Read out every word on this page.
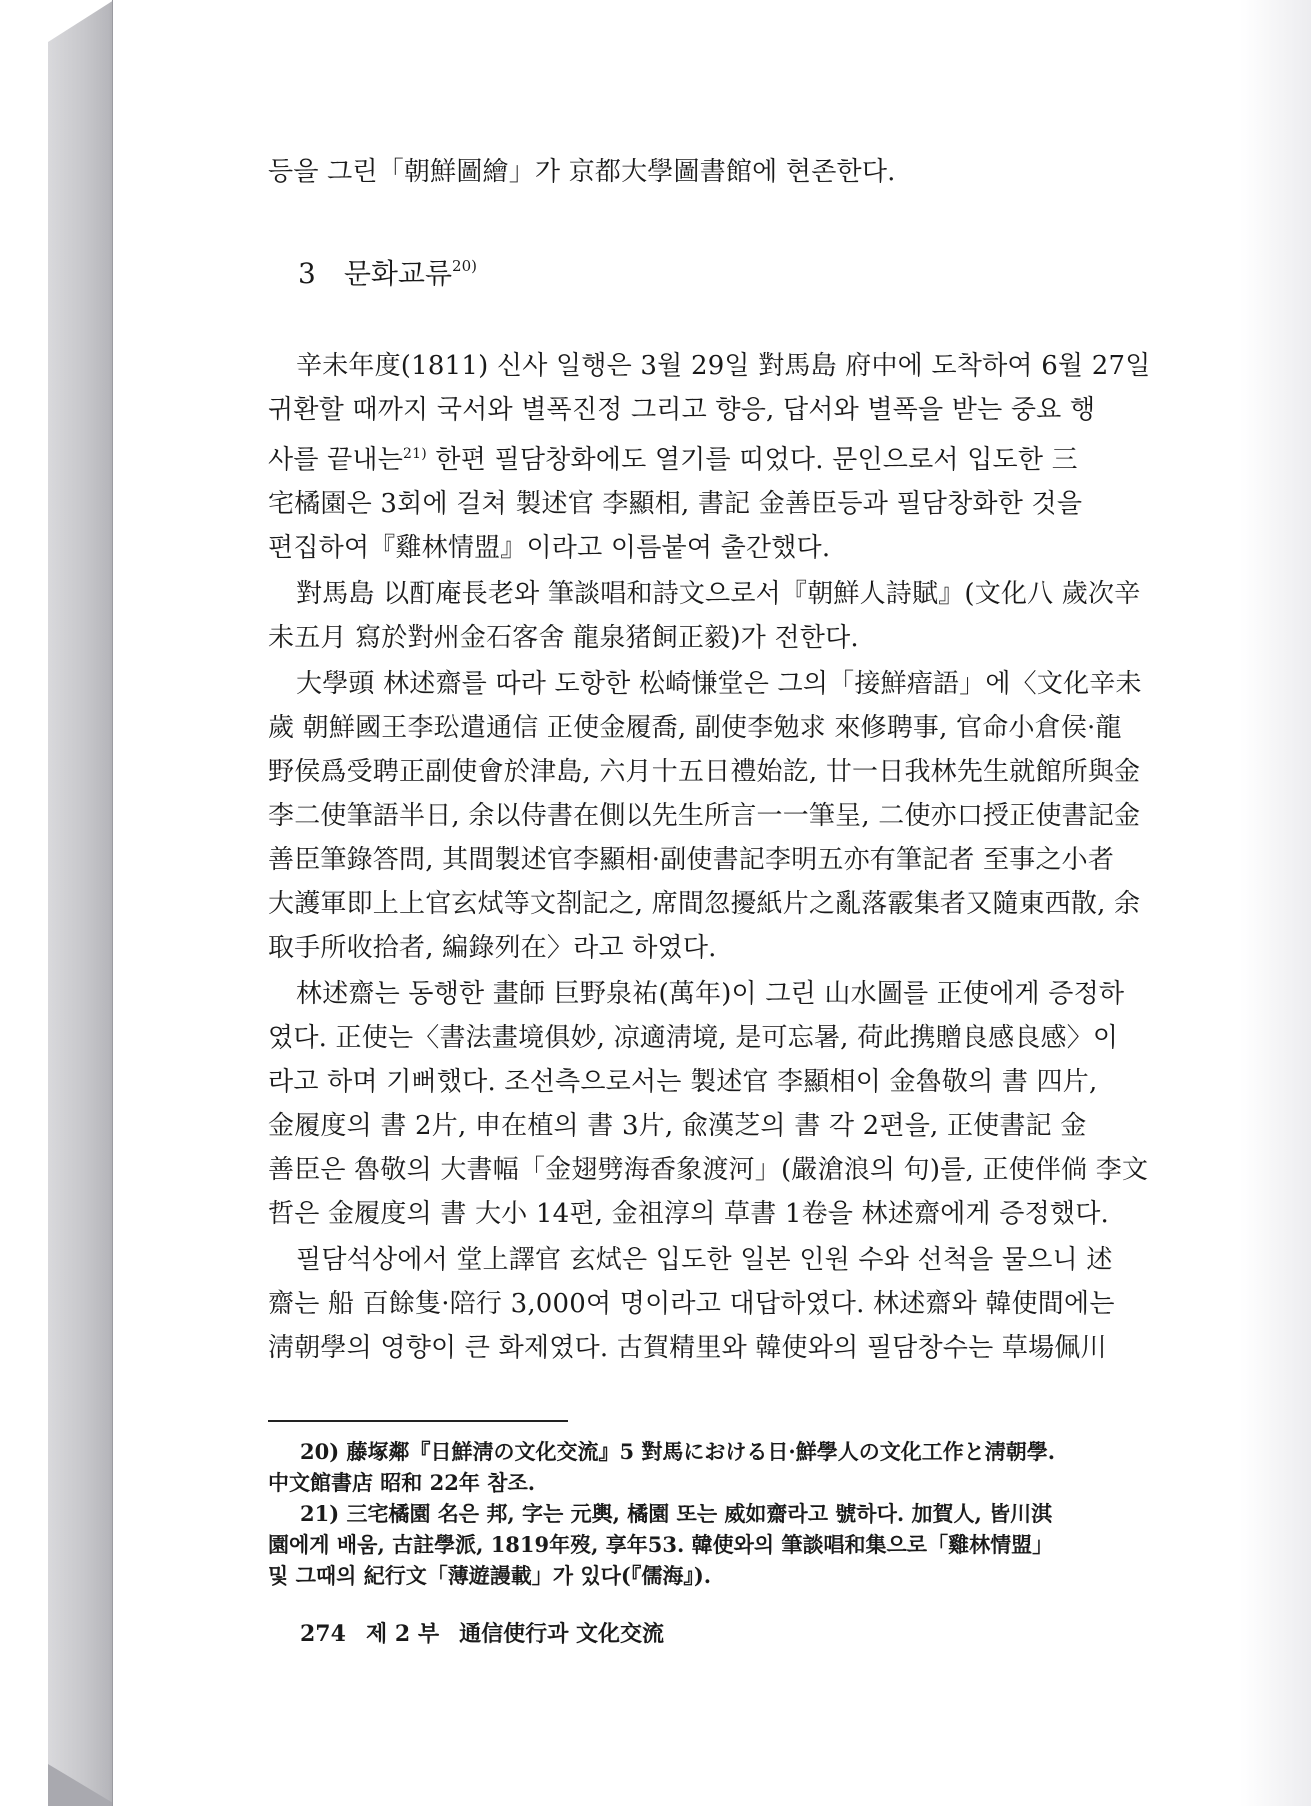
등을 그린「朝鮮圖繪」가 京都大學圖書館에 현존한다.
3 문화교류$^{20)}$
辛未年度(1811) 신사 일행은 3월 29일 對馬島 府中에 도착하여 6월 27일
귀환할 때까지 국서와 별폭진정 그리고 향응, 답서와 별폭을 받는 중요 행
사를 끝내는$^{21)}$ 한편 필담창화에도 열기를 띠었다. 문인으로서 입도한 三
宅橘園은 3회에 걸쳐 製述官 李顯相, 書記 金善臣등과 필담창화한 것을
편집하여『雞林情盟』이라고 이름붙여 출간했다.
對馬島 以酊庵長老와 筆談唱和詩文으로서『朝鮮人詩賦』(文化八 歲次辛
未五月 寫於對州金石客舍 龍泉猪飼正毅)가 전한다.
大學頭 林述齋를 따라 도항한 松崎慊堂은 그의「接鮮瘖語」에〈文化辛未
歲 朝鮮國王李玜遣通信 正使金履喬, 副使李勉求 來修聘事, 官命小倉侯·龍
野侯爲受聘正副使會於津島, 六月十五日禮始訖, 廿一日我林先生就館所與金
李二使筆語半日, 余以侍書在側以先生所言一一筆呈, 二使亦口授正使書記金
善臣筆錄答問, 其間製述官李顯相·副使書記李明五亦有筆記者 至事之小者
大護軍即上上官玄烒等文剳記之, 席間忽擾紙片之亂落霰集者又隨東西散, 余
取手所收拾者, 編錄列在〉라고 하였다.
林述齋는 동행한 畫師 巨野泉祐(萬年)이 그린 山水圖를 正使에게 증정하
였다. 正使는〈書法畫境俱妙, 凉適淸境, 是可忘暑, 荷此携贈良感良感〉이
라고 하며 기뻐했다. 조선측으로서는 製述官 李顯相이 金魯敬의 書 四片,
金履度의 書 2片, 申在植의 書 3片, 兪漢芝의 書 각 2편을, 正使書記 金
善臣은 魯敬의 大書幅「金翅劈海香象渡河」(嚴滄浪의 句)를, 正使伴倘 李文
哲은 金履度의 書 大小 14편, 金祖淳의 草書 1卷을 林述齋에게 증정했다.
필담석상에서 堂上譯官 玄烒은 입도한 일본 인원 수와 선척을 물으니 述
齋는 船 百餘隻·陪行 3,000여 명이라고 대답하였다. 林述齋와 韓使間에는
淸朝學의 영향이 큰 화제였다. 古賀精里와 韓使와의 필담창수는 草場佩川
20) 藤塚鄰『日鮮淸の文化交流』5 對馬における日·鮮學人の文化工作と淸朝學.
中文館書店 昭和 22年 참조.
21) 三宅橘園 名은 邦, 字는 元輿, 橘園 또는 威如齋라고 號하다. 加賀人, 皆川淇
園에게 배움, 古註學派, 1819年歿, 享年53. 韓使와의 筆談唱和集으로「雞林情盟」
및 그때의 紀行文「薄遊謾載」가 있다(『儒海』).
274 제 2 부 通信使行과 文化交流
